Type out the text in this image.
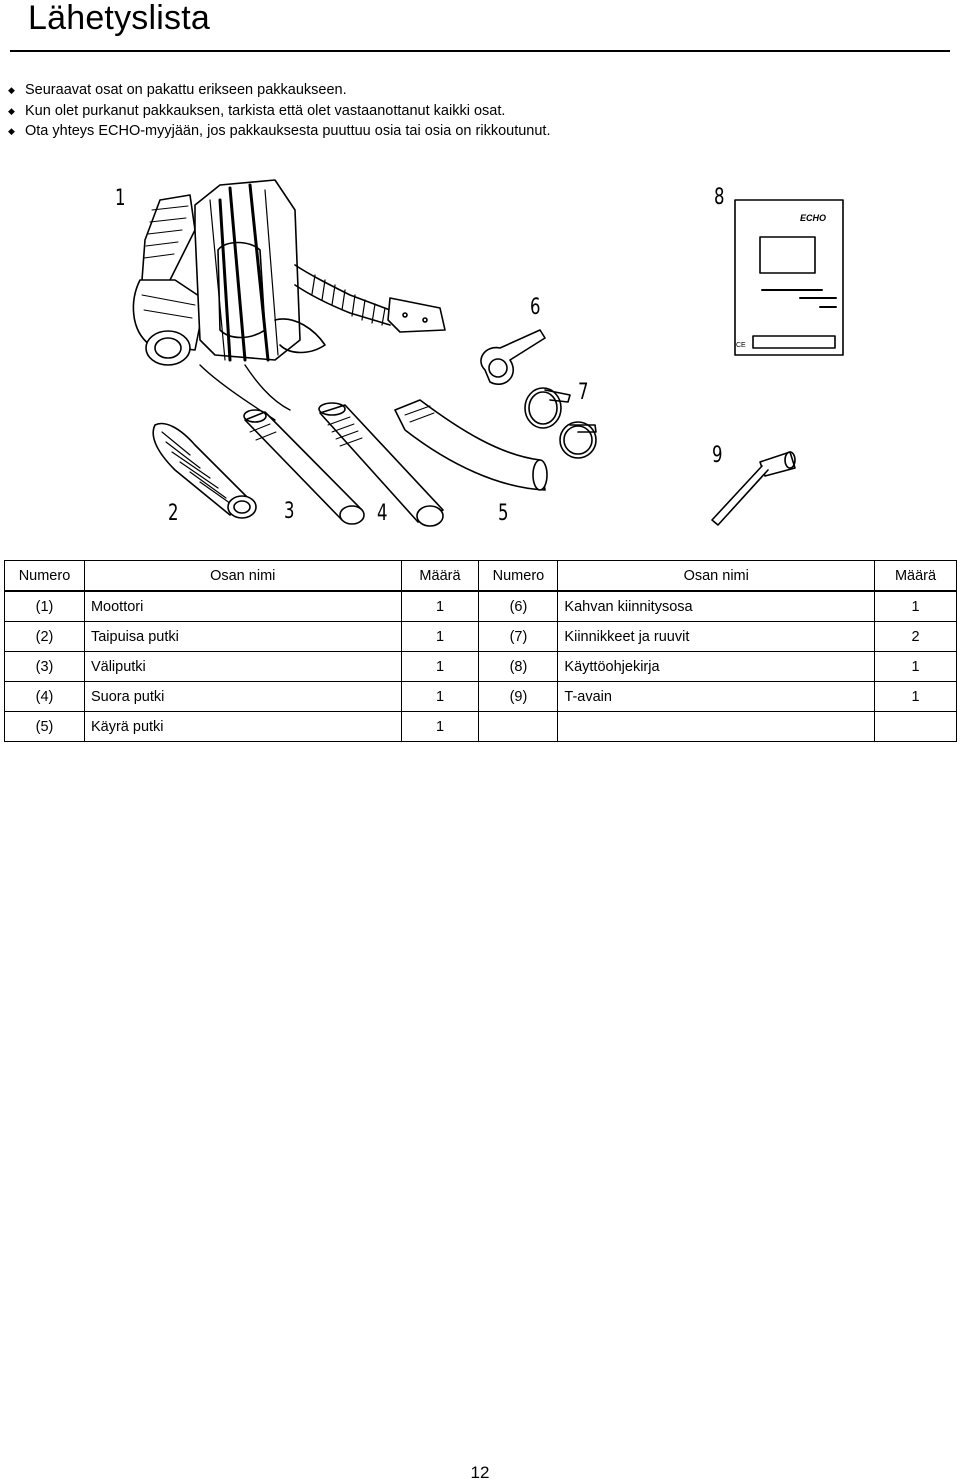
Lähetyslista
◆ Seuraavat osat on pakattu erikseen pakkaukseen.
◆ Kun olet purkanut pakkauksen, tarkista että olet vastaanottanut kaikki osat.
◆ Ota yhteys ECHO-myyjään, jos pakkauksesta puuttuu osia tai osia on rikkoutunut.
ECHO
CE
1
2	3	4	5
6
7
8
9
Numero	Osan nimi	Määrä	Numero	Osan nimi	Määrä
(1)	Moottori	1	(6)	Kahvan kiinnitysosa	1
(2)	Taipuisa putki	1	(7)	Kiinnikkeet ja ruuvit	2
(3)	Väliputki	1	(8)	Käyttöohjekirja	1
(4)	Suora putki	1	(9)	T-avain	1
(5)	Käyrä putki	1			
12
